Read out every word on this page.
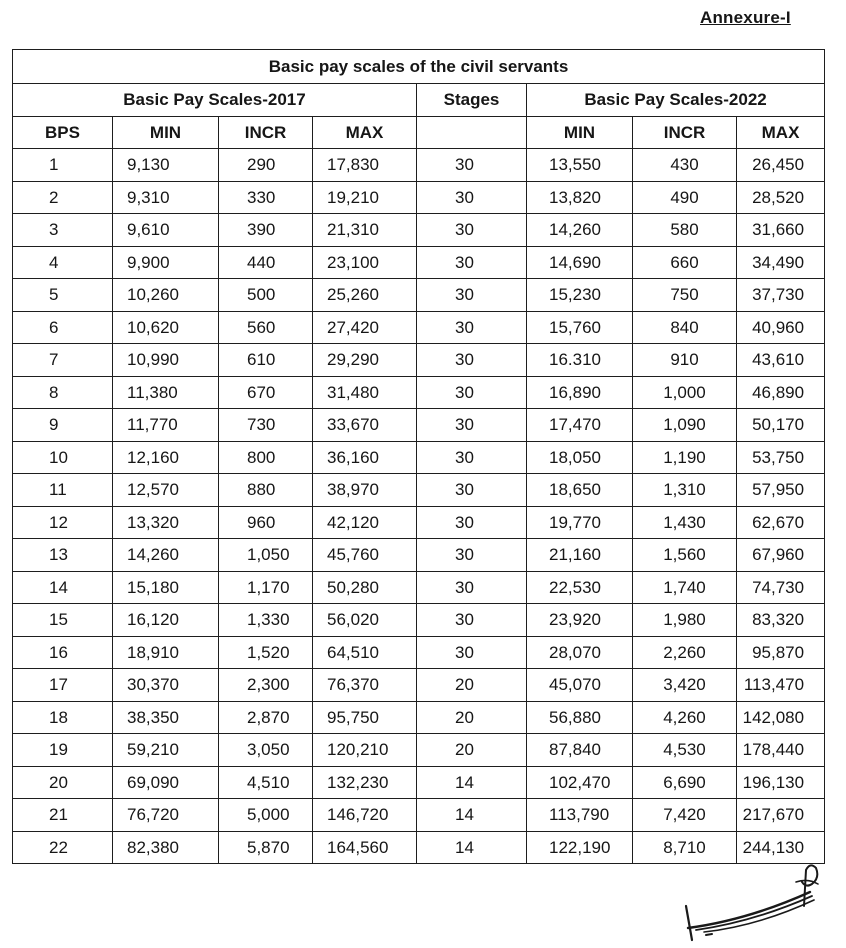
Annexure-I
Basic pay scales of the civil servants							
Basic Pay Scales-2017				Stages	Basic Pay Scales-2022		
BPS	MIN	INCR	MAX		MIN	INCR	MAX
1	9,130	290	17,830	30	13,550	430	26,450
2	9,310	330	19,210	30	13,820	490	28,520
3	9,610	390	21,310	30	14,260	580	31,660
4	9,900	440	23,100	30	14,690	660	34,490
5	10,260	500	25,260	30	15,230	750	37,730
6	10,620	560	27,420	30	15,760	840	40,960
7	10,990	610	29,290	30	16.310	910	43,610
8	11,380	670	31,480	30	16,890	1,000	46,890
9	11,770	730	33,670	30	17,470	1,090	50,170
10	12,160	800	36,160	30	18,050	1,190	53,750
11	12,570	880	38,970	30	18,650	1,310	57,950
12	13,320	960	42,120	30	19,770	1,430	62,670
13	14,260	1,050	45,760	30	21,160	1,560	67,960
14	15,180	1,170	50,280	30	22,530	1,740	74,730
15	16,120	1,330	56,020	30	23,920	1,980	83,320
16	18,910	1,520	64,510	30	28,070	2,260	95,870
17	30,370	2,300	76,370	20	45,070	3,420	113,470
18	38,350	2,870	95,750	20	56,880	4,260	142,080
19	59,210	3,050	120,210	20	87,840	4,530	178,440
20	69,090	4,510	132,230	14	102,470	6,690	196,130
21	76,720	5,000	146,720	14	113,790	7,420	217,670
22	82,380	5,870	164,560	14	122,190	8,710	244,130
